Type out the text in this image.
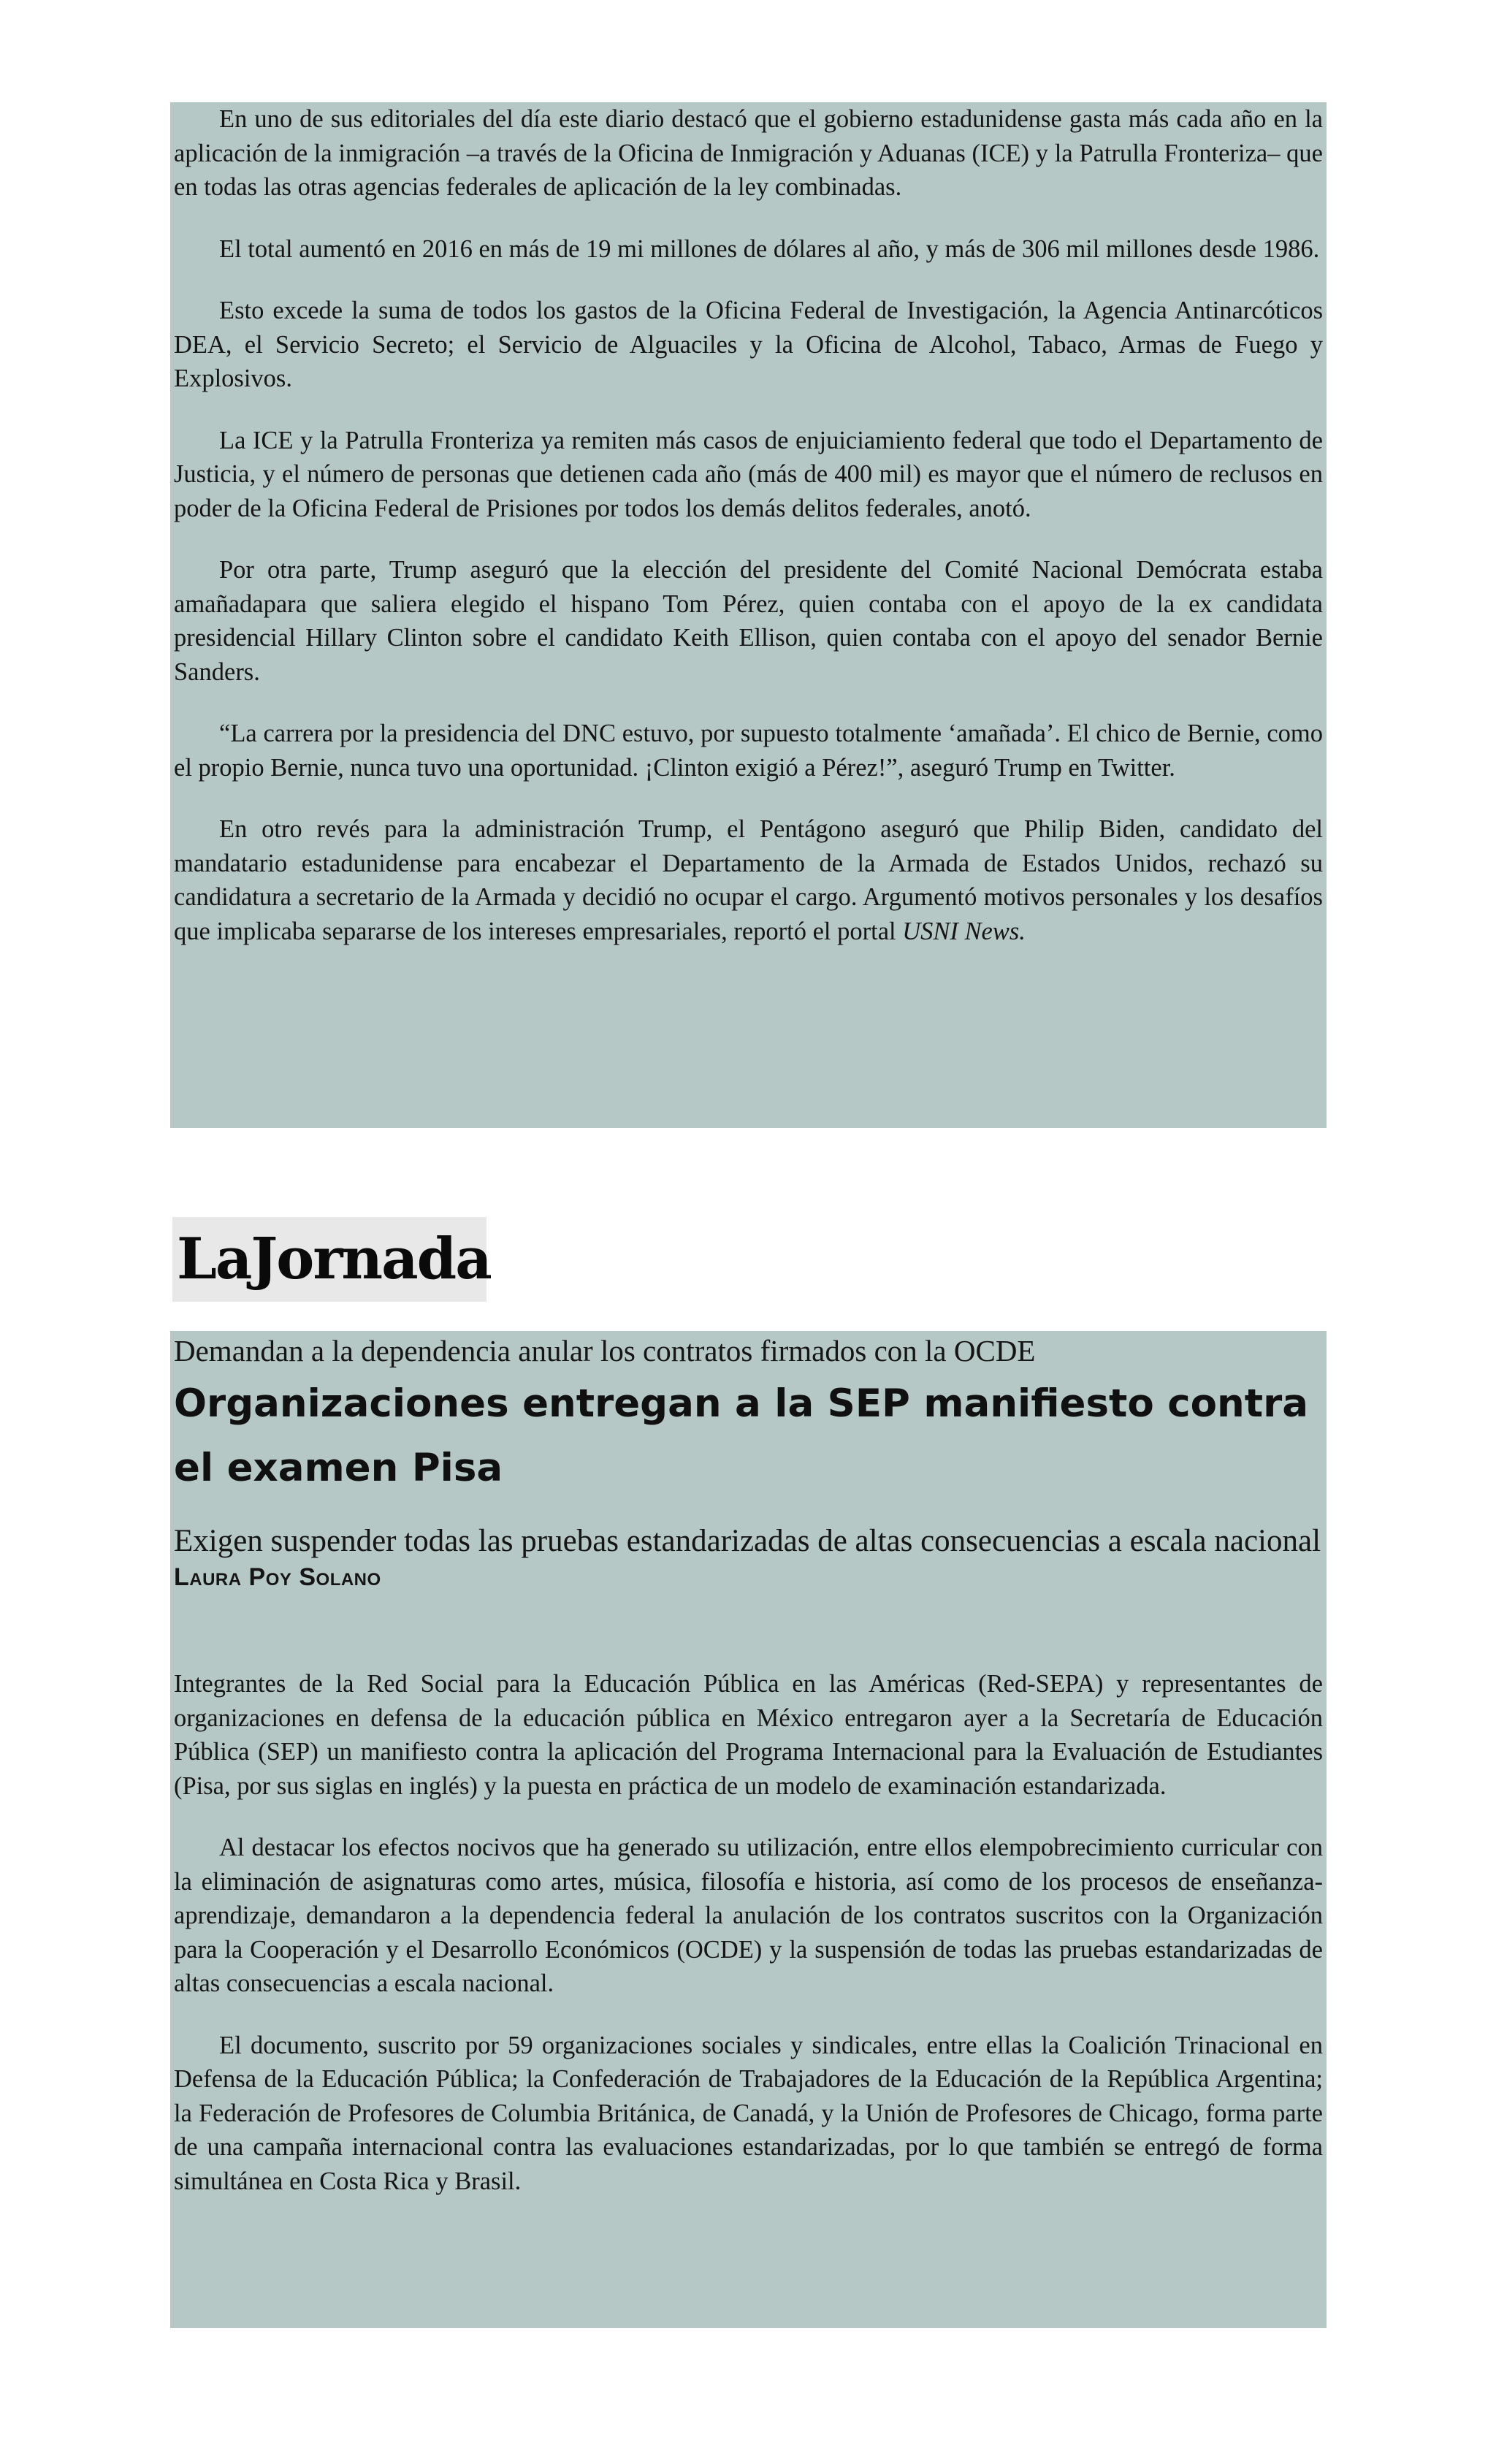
En uno de sus editoriales del día este diario destacó que el gobierno estadunidense gasta más cada año en la aplicación de la inmigración –a través de la Oficina de Inmigración y Aduanas (ICE) y la Patrulla Fronteriza– que en todas las otras agencias federales de aplicación de la ley combinadas.

El total aumentó en 2016 en más de 19 mi millones de dólares al año, y más de 306 mil millones desde 1986.

Esto excede la suma de todos los gastos de la Oficina Federal de Investigación, la Agencia Antinarcóticos DEA, el Servicio Secreto; el Servicio de Alguaciles y la Oficina de Alcohol, Tabaco, Armas de Fuego y Explosivos.

La ICE y la Patrulla Fronteriza ya remiten más casos de enjuiciamiento federal que todo el Departamento de Justicia, y el número de personas que detienen cada año (más de 400 mil) es mayor que el número de reclusos en poder de la Oficina Federal de Prisiones por todos los demás delitos federales, anotó.

Por otra parte, Trump aseguró que la elección del presidente del Comité Nacional Demócrata estaba amañadapara que saliera elegido el hispano Tom Pérez, quien contaba con el apoyo de la ex candidata presidencial Hillary Clinton sobre el candidato Keith Ellison, quien contaba con el apoyo del senador Bernie Sanders.

“La carrera por la presidencia del DNC estuvo, por supuesto totalmente ‘amañada’. El chico de Bernie, como el propio Bernie, nunca tuvo una oportunidad. ¡Clinton exigió a Pérez!”, aseguró Trump en Twitter.

En otro revés para la administración Trump, el Pentágono aseguró que Philip Biden, candidato del mandatario estadunidense para encabezar el Departamento de la Armada de Estados Unidos, rechazó su candidatura a secretario de la Armada y decidió no ocupar el cargo. Argumentó motivos personales y los desafíos que implicaba separarse de los intereses empresariales, reportó el portal USNI News.

LaJornada
Demandan a la dependencia anular los contratos firmados con la OCDE
Organizaciones entregan a la SEP manifiesto contra el examen Pisa
Exigen suspender todas las pruebas estandarizadas de altas consecuencias a escala nacional
Laura Poy Solano

Integrantes de la Red Social para la Educación Pública en las Américas (Red-SEPA) y representantes de organizaciones en defensa de la educación pública en México entregaron ayer a la Secretaría de Educación Pública (SEP) un manifiesto contra la aplicación del Programa Internacional para la Evaluación de Estudiantes (Pisa, por sus siglas en inglés) y la puesta en práctica de un modelo de examinación estandarizada.

Al destacar los efectos nocivos que ha generado su utilización, entre ellos elempobrecimiento curricular con la eliminación de asignaturas como artes, música, filosofía e historia, así como de los procesos de enseñanza-aprendizaje, demandaron a la dependencia federal la anulación de los contratos suscritos con la Organización para la Cooperación y el Desarrollo Económicos (OCDE) y la suspensión de todas las pruebas estandarizadas de altas consecuencias a escala nacional.

El documento, suscrito por 59 organizaciones sociales y sindicales, entre ellas la Coalición Trinacional en Defensa de la Educación Pública; la Confederación de Trabajadores de la Educación de la República Argentina; la Federación de Profesores de Columbia Británica, de Canadá, y la Unión de Profesores de Chicago, forma parte de una campaña internacional contra las evaluaciones estandarizadas, por lo que también se entregó de forma simultánea en Costa Rica y Brasil.
